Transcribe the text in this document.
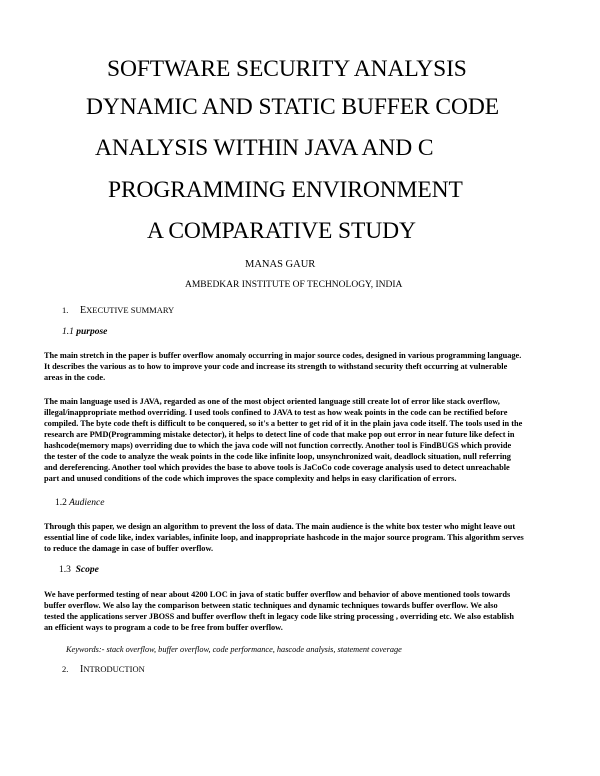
SOFTWARE SECURITY ANALYSIS
DYNAMIC AND STATIC BUFFER CODE
ANALYSIS WITHIN JAVA AND C
PROGRAMMING ENVIRONMENT
A COMPARATIVE STUDY
MANAS GAUR
AMBEDKAR INSTITUTE OF TECHNOLOGY, INDIA
1. EXECUTIVE SUMMARY
1.1 purpose
The main stretch in the paper is buffer overflow anomaly occurring in major source codes, designed in various programming language.
It describes the various as to how to improve your code and increase its strength to withstand security theft occurring at vulnerable
areas in the code.
The main language used is JAVA, regarded as one of the most object oriented language still create lot of error like stack overflow,
illegal/inappropriate method overriding. I used tools confined to JAVA to test as how weak points in the code can be rectified before
compiled. The byte code theft is difficult to be conquered, so it's a better to get rid of it in the plain java code itself. The tools used in the
research are PMD(Programming mistake detector), it helps to detect line of code that make pop out error in near future like defect in
hashcode(memory maps) overriding due to which the java code will not function correctly. Another tool is FindBUGS which provide
the tester of the code to analyze the weak points in the code like infinite loop, unsynchronized wait, deadlock situation, null referring
and dereferencing. Another tool which provides the base to above tools is JaCoCo code coverage analysis used to detect unreachable
part and unused conditions of the code which improves the space complexity and helps in easy clarification of errors.
1.2 Audience
Through this paper, we design an algorithm to prevent the loss of data. The main audience is the white box tester who might leave out
essential line of code like, index variables, infinite loop, and inappropriate hashcode in the major source program. This algorithm serves
to reduce the damage in case of buffer overflow.
1.3 Scope
We have performed testing of near about 4200 LOC in java of static buffer overflow and behavior of above mentioned tools towards
buffer overflow. We also lay the comparison between static techniques and dynamic techniques towards buffer overflow. We also
tested the applications server JBOSS and buffer overflow theft in legacy code like string processing , overriding etc. We also establish
an efficient ways to program a code to be free from buffer overflow.
Keywords:- stack overflow, buffer overflow, code performance, hascode analysis, statement coverage
2. INTRODUCTION
